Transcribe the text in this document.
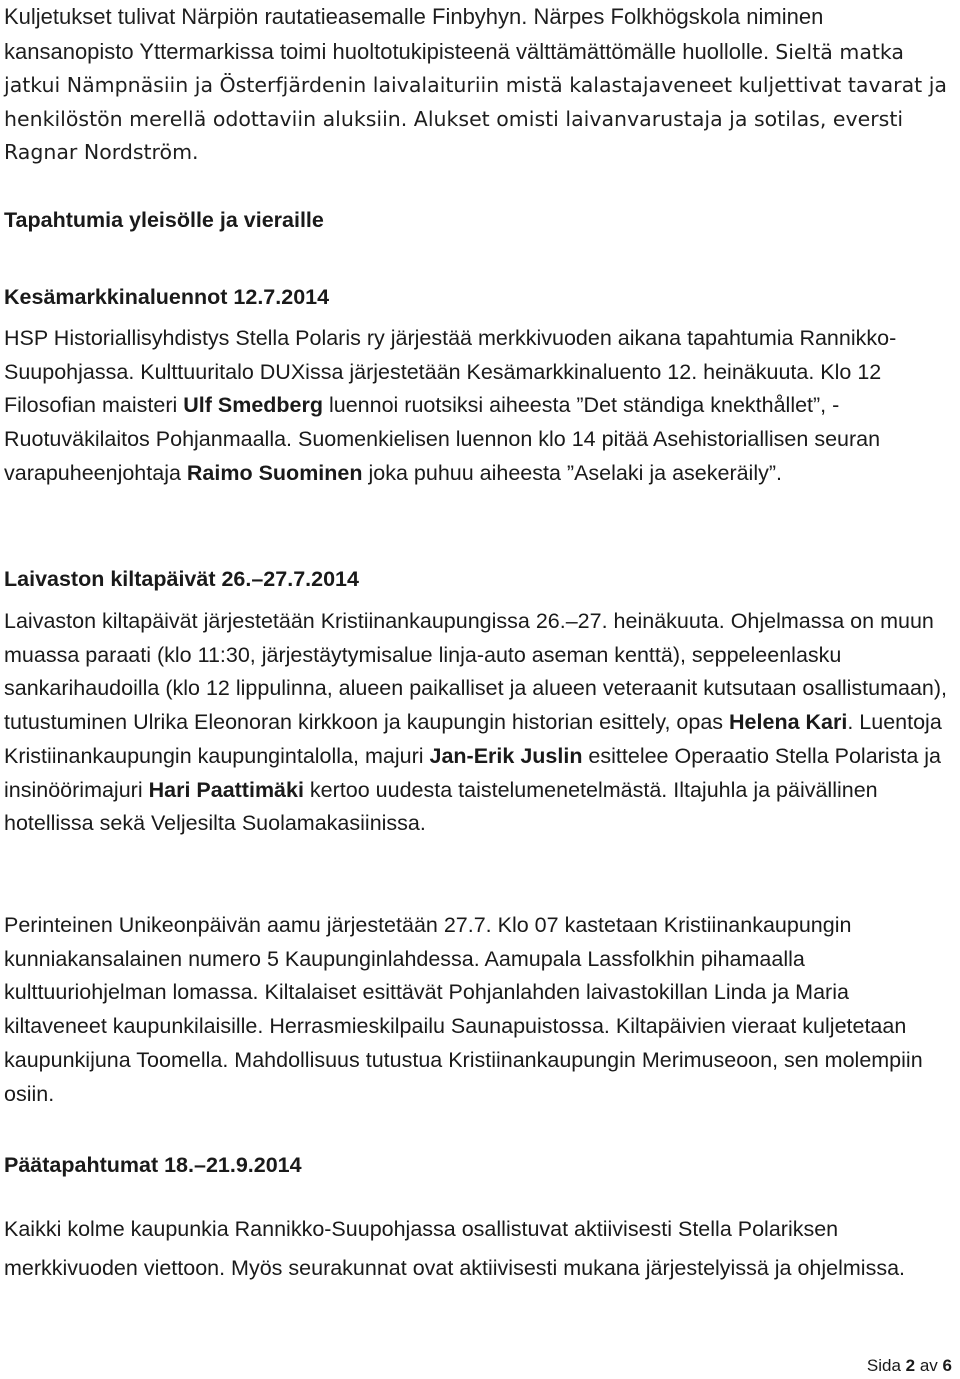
Kuljetukset tulivat Närpiön rautatieasemalle Finbyhyn. Närpes Folkhögskola niminen kansanopisto Yttermarkissa toimi huoltotukipisteenä välttämättömälle huollolle. Sieltä matka jatkui Nämpnäsiin ja Österfjärdenin laivalaituriin mistä kalastajaveneet kuljettivat tavarat ja henkilöstön merellä odottaviin aluksiin. Alukset omisti laivanvarustaja ja sotilas, eversti Ragnar Nordström.

Tapahtumia yleisölle ja vieraille
Kesämarkkinaluennot 12.7.2014

HSP Historiallisyhdistys Stella Polaris ry järjestää merkkivuoden aikana tapahtumia Rannikko-Suupohjassa. Kulttuuritalo DUXissa järjestetään Kesämarkkinaluento 12. heinäkuuta. Klo 12 Filosofian maisteri Ulf Smedberg luennoi ruotsiksi aiheesta ”Det ständiga knekthållet”, - Ruotuväkilaitos Pohjanmaalla. Suomenkielisen luennon klo 14 pitää Asehistoriallisen seuran varapuheenjohtaja Raimo Suominen joka puhuu aiheesta ”Aselaki ja asekeräily”.

Laivaston kiltapäivät 26.–27.7.2014

Laivaston kiltapäivät järjestetään Kristiinankaupungissa 26.–27. heinäkuuta. Ohjelmassa on muun muassa paraati (klo 11:30, järjestäytymisalue linja-auto aseman kenttä), seppeleenlasku sankarihaudoilla (klo 12 lippulinna, alueen paikalliset ja alueen veteraanit kutsutaan osallistumaan), tutustuminen Ulrika Eleonoran kirkkoon ja kaupungin historian esittely, opas Helena Kari. Luentoja Kristiinankaupungin kaupungintalolla, majuri Jan-Erik Juslin esittelee Operaatio Stella Polarista ja insinöörimajuri Hari Paattimäki kertoo uudesta taistelumenetelmästä. Iltajuhla ja päivällinen hotellissa sekä Veljesilta Suolamakasiinissa.

Perinteinen Unikeonpäivän aamu järjestetään 27.7. Klo 07 kastetaan Kristiinankaupungin kunniakansalainen numero 5 Kaupunginlahdessa. Aamupala Lassfolkhin pihamaalla kulttuuriohjelman lomassa. Kiltalaiset esittävät Pohjanlahden laivastokillan Linda ja Maria kiltaveneet kaupunkilaisille. Herrasmieskilpailu Saunapuistossa. Kiltapäivien vieraat kuljetetaan kaupunkijuna Toomella. Mahdollisuus tutustua Kristiinankaupungin Merimuseoon, sen molempiin osiin.

Päätapahtumat 18.–21.9.2014

Kaikki kolme kaupunkia Rannikko-Suupohjassa osallistuvat aktiivisesti Stella Polariksen merkkivuoden viettoon. Myös seurakunnat ovat aktiivisesti mukana järjestelyissä ja ohjelmissa.

Sida 2 av 6
